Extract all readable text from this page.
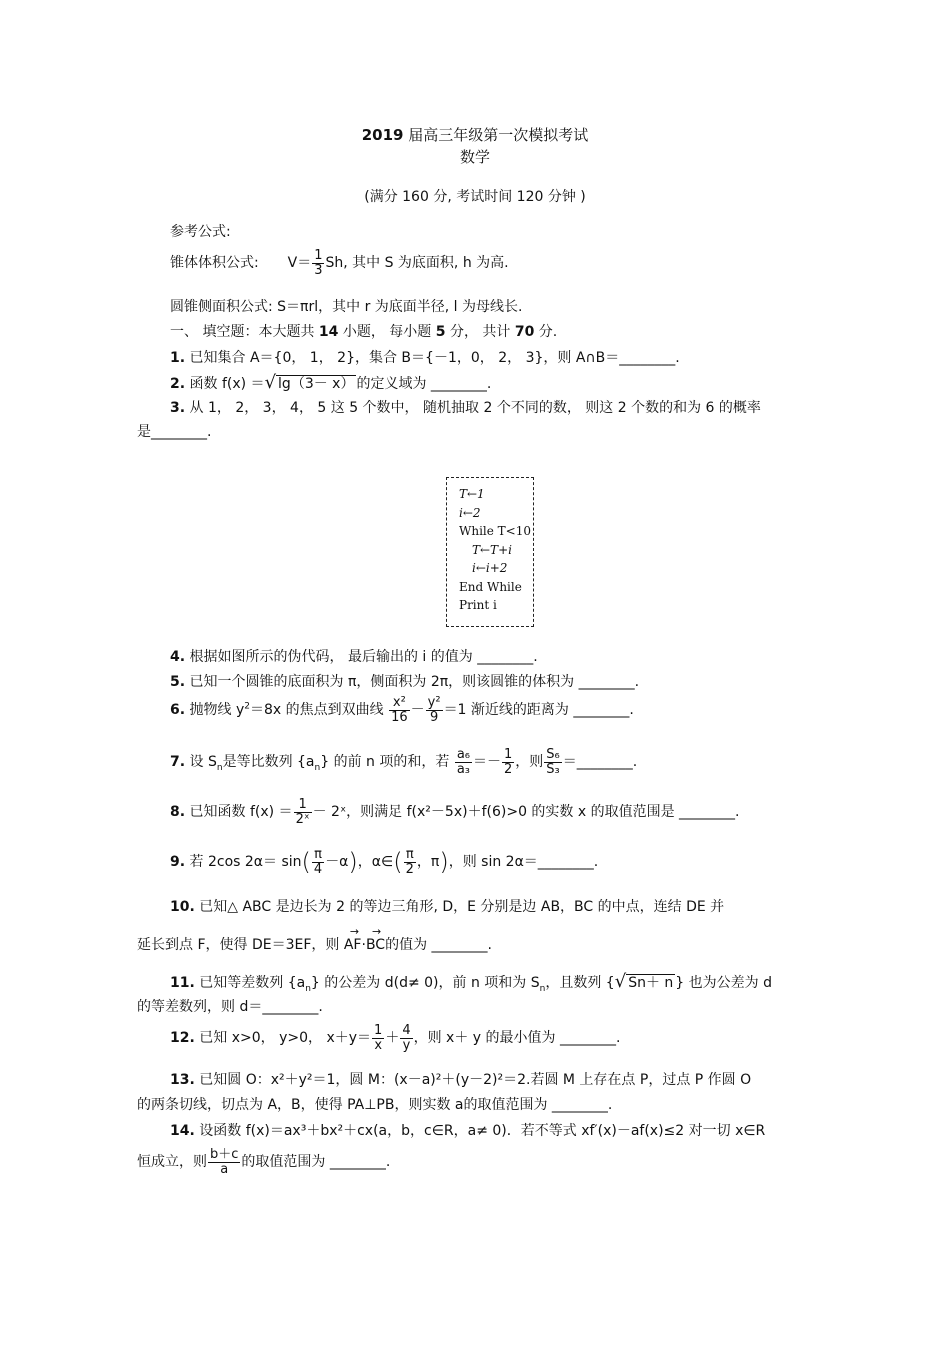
2019 届高三年级第一次模拟考试
数学
(满分 160 分, 考试时间 120 分钟 )
参考公式:
锥体体积公式: $V= \frac{1}{3} Sh$, 其中 S 为底面积, h 为高.
圆锥侧面积公式: S＝πrl，其中 r 为底面半径, l 为母线长.
一、 填空题：本大题共 14 小题， 每小题 5 分， 共计 70 分.
1. 已知集合 A＝{0， 1， 2}，集合 B＝{－1，0， 2， 3}，则 A∩B＝________.
2. 函数 f(x) ＝√ lg（3－ x） 的定义域为 ________.
3. 从 1， 2， 3， 4， 5 这 5 个数中， 随机抽取 2 个不同的数， 则这 2 个数的和为 6 的概率
是________.
T←1
i←2
While T<10
T←T+i
i←i+2
End While
Print i
4. 根据如图所示的伪代码， 最后输出的 i 的值为 ________.
5. 已知一个圆锥的底面积为 π，侧面积为 2π，则该圆锥的体积为 ________.
6. 抛物线 $y^2=8x$ 的焦点到双曲线 $\frac{\text{x²}}{16} - \frac{\text{y²}}{9} =1$ 渐近线的距离为 ________.
7. 设 $S_n$是等比数列 $\{a_n\}$ 的前 n 项的和，若 $\frac{\text{a₆}}{\text{a₃}} =- \frac{1}{2}$ ，则 $\frac{\text{S₆}}{\text{S₃}}$ ＝________.
8. 已知函数 $f(x) = \frac{1}{\text{2ˣ}}$ － 2ˣ，则满足 f(x²－5x)＋f(6)>0 的实数 x 的取值范围是 ________.
9. 若 2cos $2\alpha= \sin( \frac{\pi}{4} -\alpha)$，α∈( $\frac{\pi}{2}$ ，π)，则 sin 2α＝________.
10. 已知△ ABC 是边长为 2 的等边三角形, D，E 分别是边 AB，BC 的中点，连结 DE 并
延长到点 F，使得 DE＝3EF，则
→
AF·
→
BC的值为 ________.
11. 已知等差数列 $\{a_n\}$ 的公差为 d(d≠ 0)，前 n 项和为 $S_n$，且数列 {√ Sn＋ n } 也为公差为 d
的等差数列，则 d＝________.
12. 已知 x>0， y>0， $x+y= \frac{1}{x} + \frac{4}{y}$ ，则 x＋ y 的最小值为 ________.
13. 已知圆 O：x²＋y²＝1，圆 M：(x－a)²＋(y－2)²＝2.若圆 M 上存在点 P，过点 P 作圆 O
的两条切线，切点为 A，B，使得 PA⊥PB，则实数 a的取值范围为 ________.
14. 设函数 f(x)＝ax³＋bx²＋cx(a，b，c∈R，a≠ 0)．若不等式 xf′(x)－af(x)≤2 对一切 x∈R
恒成立，则 $\frac{b+c}{a}$ 的取值范围为 ________.
